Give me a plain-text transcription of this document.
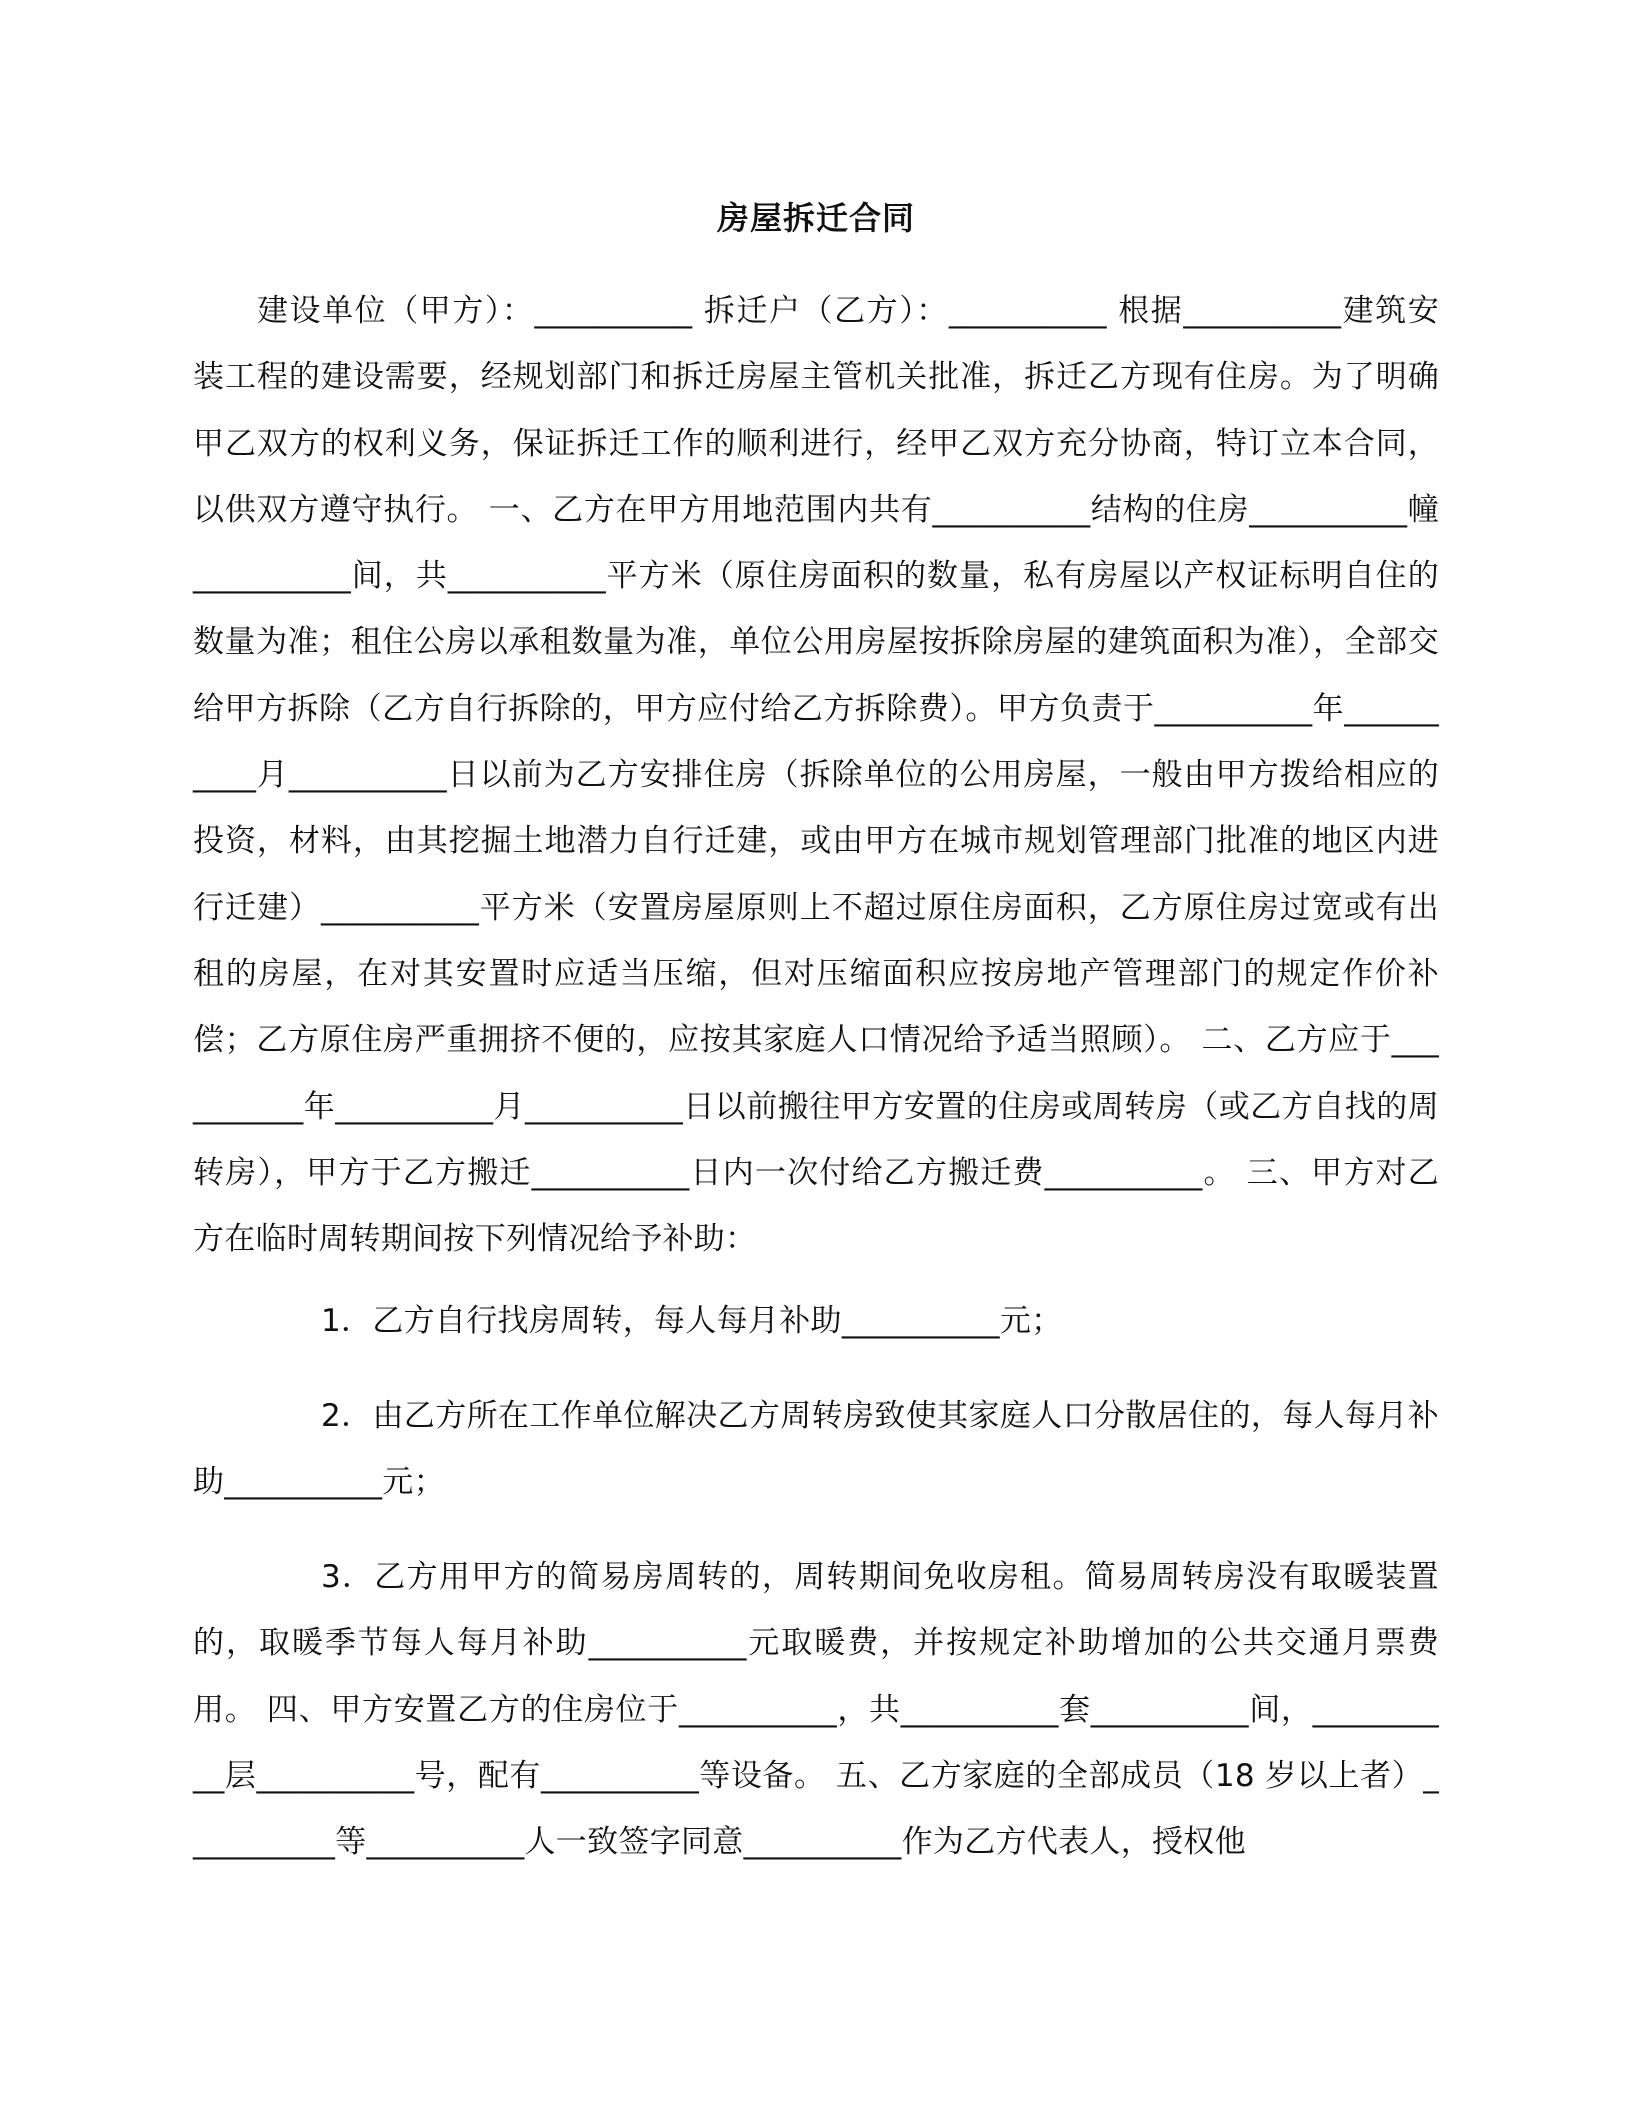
房屋拆迁合同

建设单位（甲方）：__________ 拆迁户（乙方）：__________ 根据__________建筑安装工程的建设需要，经规划部门和拆迁房屋主管机关批准，拆迁乙方现有住房。为了明确甲乙双方的权利义务，保证拆迁工作的顺利进行，经甲乙双方充分协商，特订立本合同，以供双方遵守执行。 一、乙方在甲方用地范围内共有__________结构的住房__________幢__________间，共__________平方米（原住房面积的数量，私有房屋以产权证标明自住的数量为准；租住公房以承租数量为准，单位公用房屋按拆除房屋的建筑面积为准），全部交给甲方拆除（乙方自行拆除的，甲方应付给乙方拆除费）。甲方负责于__________年__________月__________日以前为乙方安排住房（拆除单位的公用房屋，一般由甲方拨给相应的投资，材料，由其挖掘土地潜力自行迁建，或由甲方在城市规划管理部门批准的地区内进行迁建）__________平方米（安置房屋原则上不超过原住房面积，乙方原住房过宽或有出租的房屋，在对其安置时应适当压缩，但对压缩面积应按房地产管理部门的规定作价补偿；乙方原住房严重拥挤不便的，应按其家庭人口情况给予适当照顾）。 二、乙方应于__________年__________月__________日以前搬往甲方安置的住房或周转房（或乙方自找的周转房），甲方于乙方搬迁__________日内一次付给乙方搬迁费__________。 三、甲方对乙方在临时周转期间按下列情况给予补助：

1．乙方自行找房周转，每人每月补助__________元；

2．由乙方所在工作单位解决乙方周转房致使其家庭人口分散居住的，每人每月补助__________元；

3．乙方用甲方的简易房周转的，周转期间免收房租。简易周转房没有取暖装置的，取暖季节每人每月补助__________元取暖费，并按规定补助增加的公共交通月票费用。 四、甲方安置乙方的住房位于__________，共__________套__________间，__________层__________号，配有__________等设备。 五、乙方家庭的全部成员（18 岁以上者）__________等__________人一致签字同意__________作为乙方代表人，授权他
